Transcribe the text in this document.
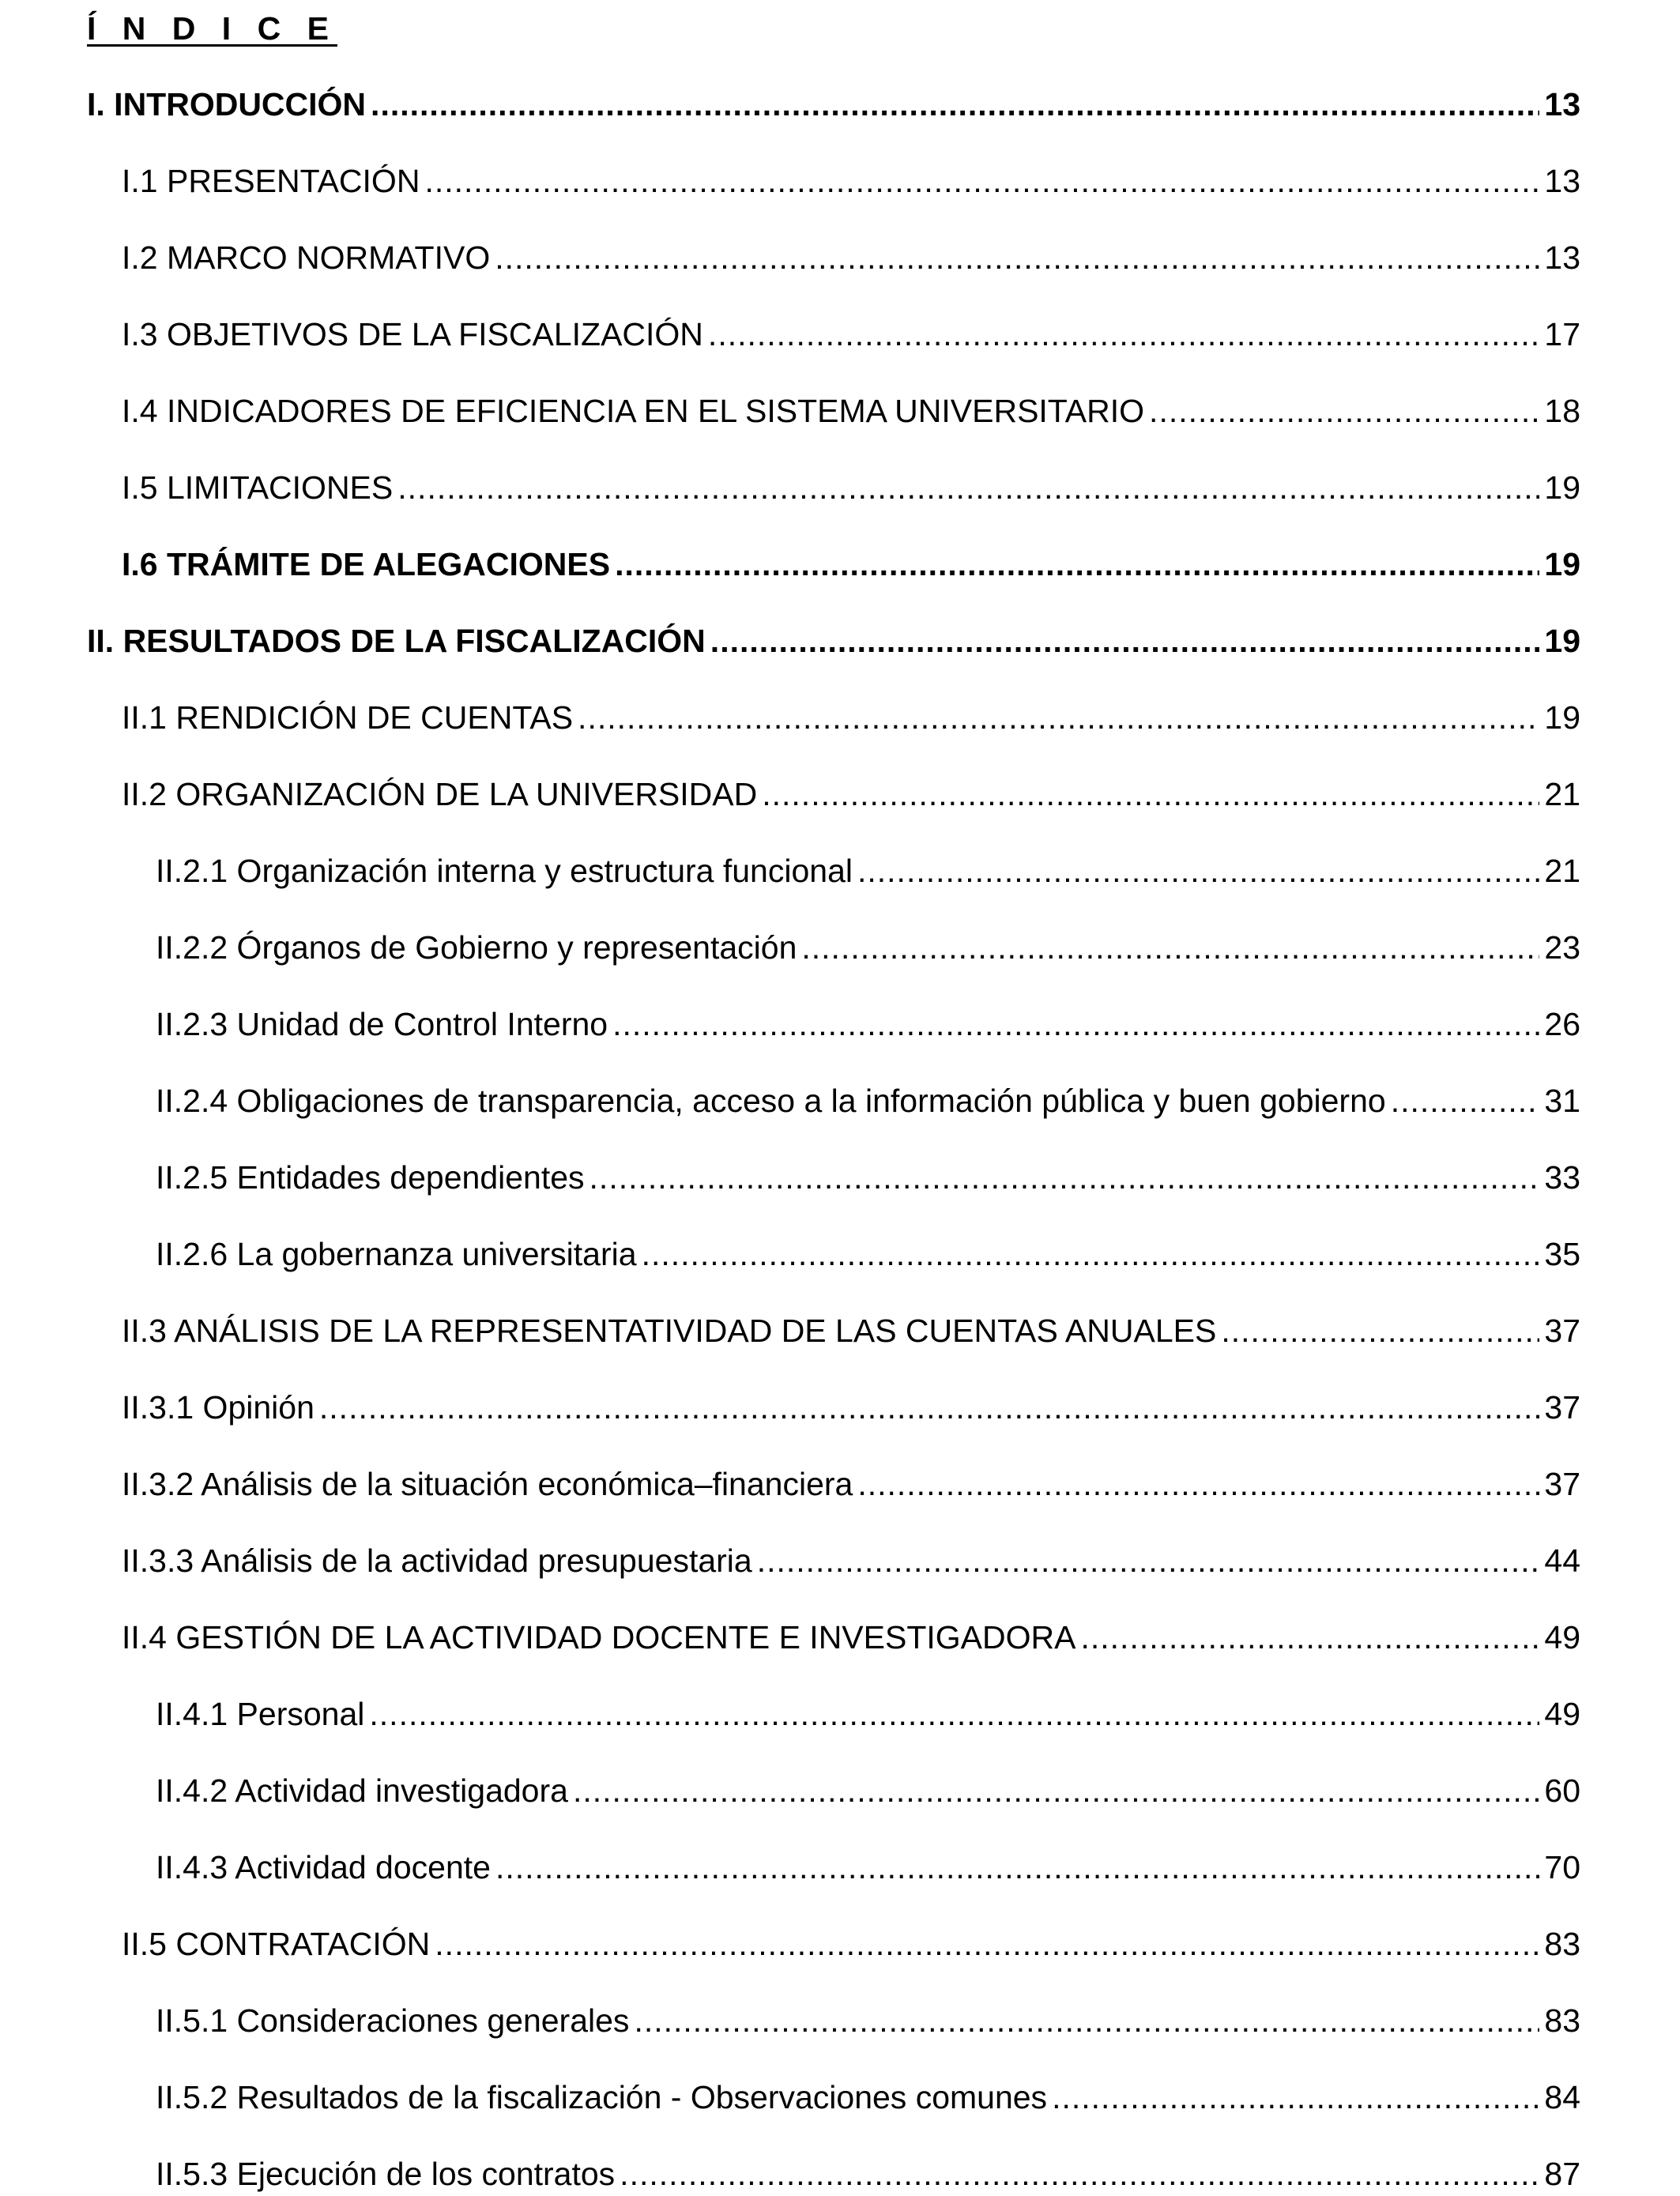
Í N D I C E
I. INTRODUCCIÓN .....	13
I.1 PRESENTACIÓN .....	13
I.2 MARCO NORMATIVO .....	13
I.3 OBJETIVOS DE LA FISCALIZACIÓN .....	17
I.4 INDICADORES DE EFICIENCIA EN EL SISTEMA UNIVERSITARIO .....	18
I.5 LIMITACIONES .....	19
I.6 TRÁMITE DE ALEGACIONES .....	19
II. RESULTADOS DE LA FISCALIZACIÓN .....	19
II.1 RENDICIÓN DE CUENTAS .....	19
II.2 ORGANIZACIÓN DE LA UNIVERSIDAD .....	21
II.2.1 Organización interna y estructura funcional .....	21
II.2.2 Órganos de Gobierno y representación .....	23
II.2.3 Unidad de Control Interno .....	26
II.2.4 Obligaciones de transparencia, acceso a la información pública y buen gobierno .....	31
II.2.5 Entidades dependientes .....	33
II.2.6 La gobernanza universitaria .....	35
II.3 ANÁLISIS DE LA REPRESENTATIVIDAD DE LAS CUENTAS ANUALES .....	37
II.3.1 Opinión .....	37
II.3.2 Análisis de la situación económica–financiera .....	37
II.3.3 Análisis de la actividad presupuestaria .....	44
II.4 GESTIÓN DE LA ACTIVIDAD DOCENTE E INVESTIGADORA .....	49
II.4.1 Personal .....	49
II.4.2 Actividad investigadora .....	60
II.4.3 Actividad docente .....	70
II.5 CONTRATACIÓN .....	83
II.5.1 Consideraciones generales .....	83
II.5.2 Resultados de la fiscalización - Observaciones comunes .....	84
II.5.3 Ejecución de los contratos .....	87
